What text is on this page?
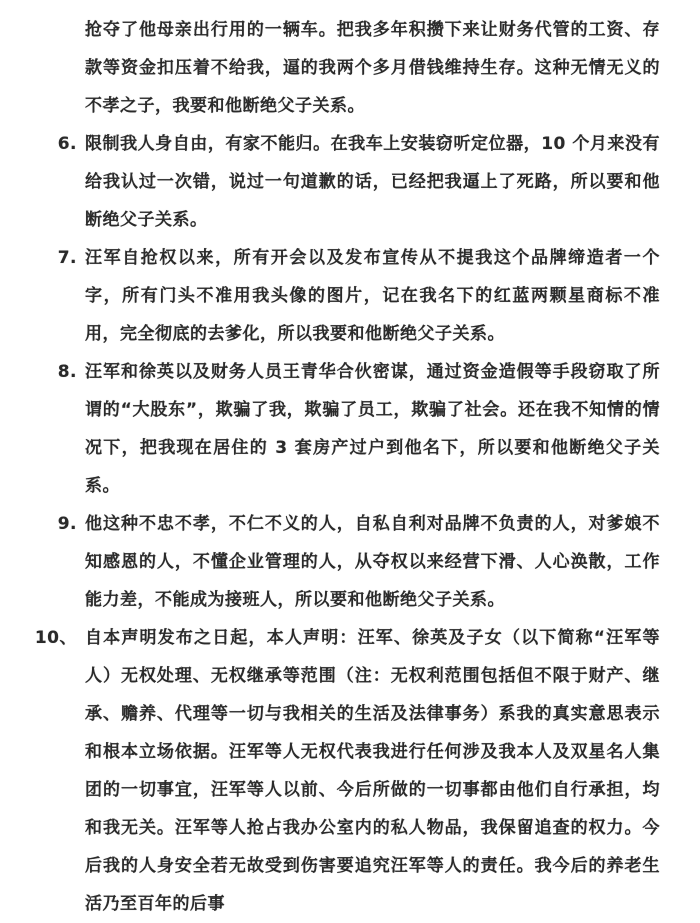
抢夺了他母亲出行用的一辆车。把我多年积攒下来让财务代管的工资、存款等资金扣压着不给我，逼的我两个多月借钱维持生存。这种无情无义的不孝之子，我要和他断绝父子关系。

6. 限制我人身自由，有家不能归。在我车上安装窃听定位器，10 个月来没有给我认过一次错，说过一句道歉的话，已经把我逼上了死路，所以要和他断绝父子关系。

7. 汪军自抢权以来，所有开会以及发布宣传从不提我这个品牌缔造者一个字，所有门头不准用我头像的图片，记在我名下的红蓝两颗星商标不准用，完全彻底的去爹化，所以我要和他断绝父子关系。

8. 汪军和徐英以及财务人员王青华合伙密谋，通过资金造假等手段窃取了所谓的“大股东”，欺骗了我，欺骗了员工，欺骗了社会。还在我不知情的情况下，把我现在居住的 3 套房产过户到他名下，所以要和他断绝父子关系。

9. 他这种不忠不孝，不仁不义的人，自私自利对品牌不负责的人，对爹娘不知感恩的人，不懂企业管理的人，从夺权以来经营下滑、人心涣散，工作能力差，不能成为接班人，所以要和他断绝父子关系。

10、 自本声明发布之日起，本人声明：汪军、徐英及子女（以下简称“汪军等人）无权处理、无权继承等范围（注：无权利范围包括但不限于财产、继承、赡养、代理等一切与我相关的生活及法律事务）系我的真实意思表示和根本立场依据。汪军等人无权代表我进行任何涉及我本人及双星名人集团的一切事宜，汪军等人以前、今后所做的一切事都由他们自行承担，均和我无关。汪军等人抢占我办公室内的私人物品，我保留追查的权力。今后我的人身安全若无故受到伤害要追究汪军等人的责任。我今后的养老生活乃至百年的后事
